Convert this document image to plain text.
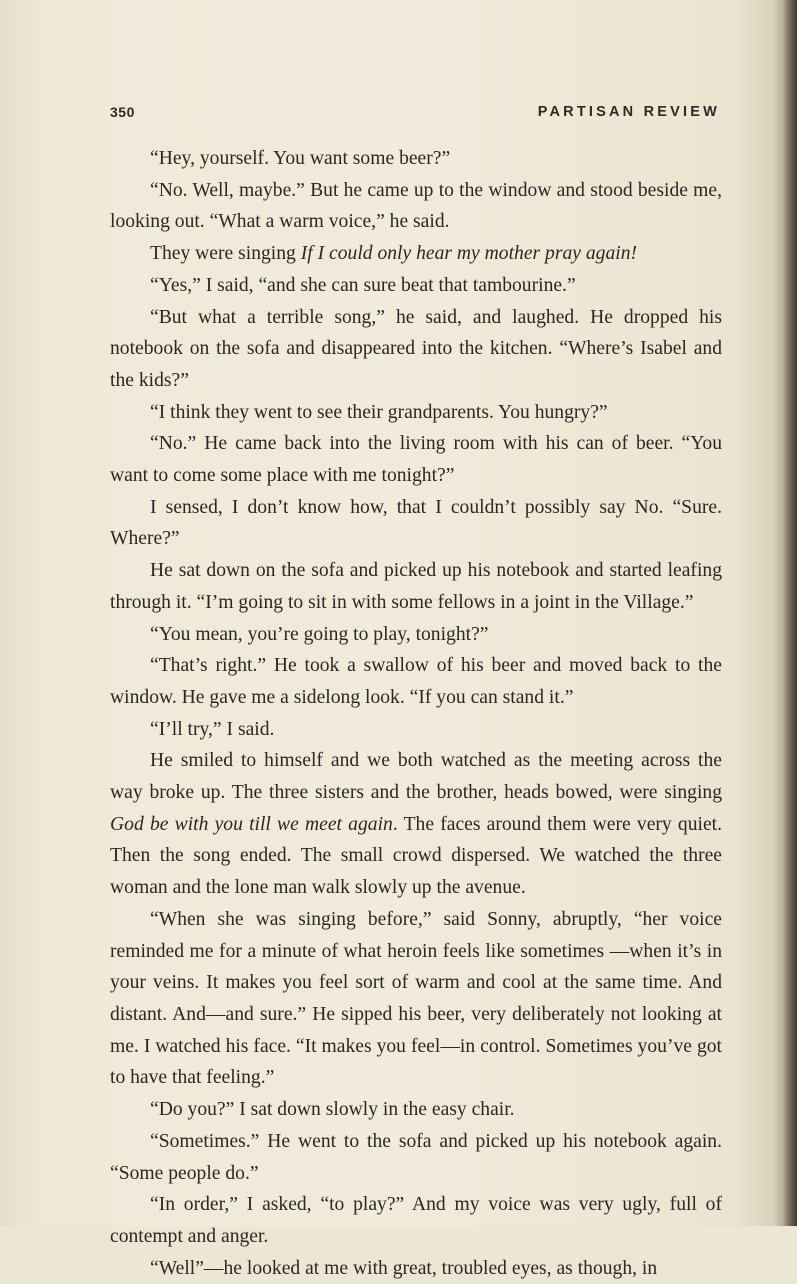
350	PARTISAN REVIEW

“Hey, yourself. You want some beer?”

“No. Well, maybe.” But he came up to the window and stood beside me, looking out. “What a warm voice,” he said.

They were singing If I could only hear my mother pray again!

“Yes,” I said, “and she can sure beat that tambourine.”

“But what a terrible song,” he said, and laughed. He dropped his notebook on the sofa and disappeared into the kitchen. “Where’s Isabel and the kids?”

“I think they went to see their grandparents. You hungry?”

“No.” He came back into the living room with his can of beer. “You want to come some place with me tonight?”

I sensed, I don’t know how, that I couldn’t possibly say No. “Sure. Where?”

He sat down on the sofa and picked up his notebook and started leafing through it. “I’m going to sit in with some fellows in a joint in the Village.”

“You mean, you’re going to play, tonight?”

“That’s right.” He took a swallow of his beer and moved back to the window. He gave me a sidelong look. “If you can stand it.”

“I’ll try,” I said.

He smiled to himself and we both watched as the meeting across the way broke up. The three sisters and the brother, heads bowed, were singing God be with you till we meet again. The faces around them were very quiet. Then the song ended. The small crowd dispersed. We watched the three woman and the lone man walk slowly up the avenue.

“When she was singing before,” said Sonny, abruptly, “her voice reminded me for a minute of what heroin feels like sometimes —when it’s in your veins. It makes you feel sort of warm and cool at the same time. And distant. And—and sure.” He sipped his beer, very deliberately not looking at me. I watched his face. “It makes you feel—in control. Sometimes you’ve got to have that feeling.”

“Do you?” I sat down slowly in the easy chair.

“Sometimes.” He went to the sofa and picked up his notebook again. “Some people do.”

“In order,” I asked, “to play?” And my voice was very ugly, full of contempt and anger.

“Well”—he looked at me with great, troubled eyes, as though, in
